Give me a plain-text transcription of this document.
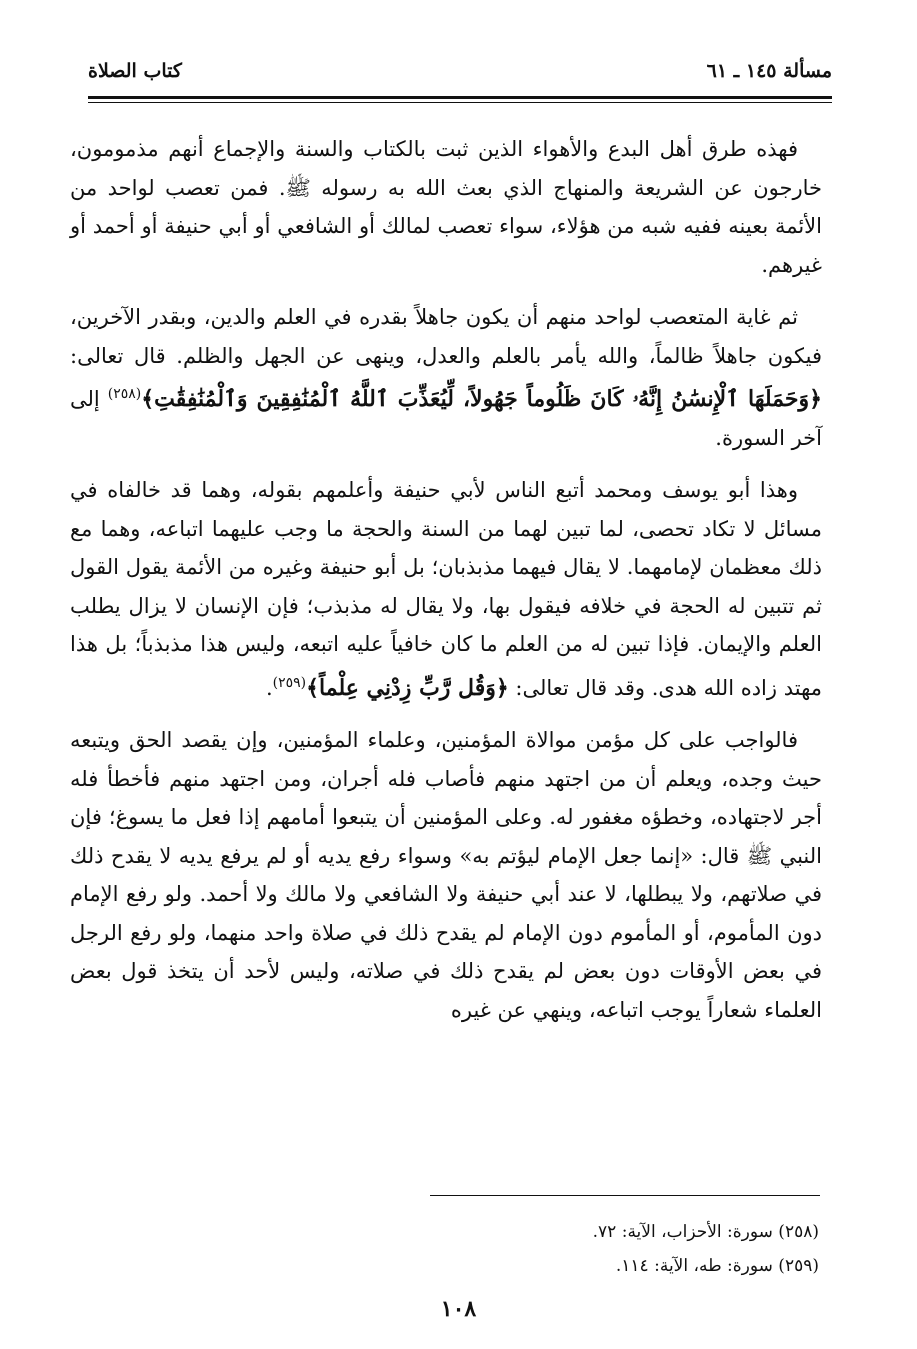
مسألة ١٤٥ ـ ٦١
كتاب الصلاة

فهذه طرق أهل البدع والأهواء الذين ثبت بالكتاب والسنة والإجماع أنهم مذمومون، خارجون عن الشريعة والمنهاج الذي بعث الله به رسوله ﷺ. فمن تعصب لواحد من الأئمة بعينه ففيه شبه من هؤلاء، سواء تعصب لمالك أو الشافعي أو أبي حنيفة أو أحمد أو غيرهم.

ثم غاية المتعصب لواحد منهم أن يكون جاهلاً بقدره في العلم والدين، وبقدر الآخرين، فيكون جاهلاً ظالماً، والله يأمر بالعلم والعدل، وينهى عن الجهل والظلم. قال تعالى: ﴿وَحَمَلَهَا ٱلْإِنسَٰنُ إِنَّهُۥ كَانَ ظَلُوماً جَهُولاً، لِّيُعَذِّبَ ٱللَّهُ ٱلْمُنَٰفِقِينَ وَٱلْمُنَٰفِقَٰتِ﴾$^{(٢٥٨)}$ إلى آخر السورة.

وهذا أبو يوسف ومحمد أتبع الناس لأبي حنيفة وأعلمهم بقوله، وهما قد خالفاه في مسائل لا تكاد تحصى، لما تبين لهما من السنة والحجة ما وجب عليهما اتباعه، وهما مع ذلك معظمان لإمامهما. لا يقال فيهما مذبذبان؛ بل أبو حنيفة وغيره من الأئمة يقول القول ثم تتبين له الحجة في خلافه فيقول بها، ولا يقال له مذبذب؛ فإن الإنسان لا يزال يطلب العلم والإيمان. فإذا تبين له من العلم ما كان خافياً عليه اتبعه، وليس هذا مذبذباً؛ بل هذا مهتد زاده الله هدى. وقد قال تعالى: ﴿وَقُل رَّبِّ زِدْنِي عِلْماً﴾$^{(٢٥٩)}$.

فالواجب على كل مؤمن موالاة المؤمنين، وعلماء المؤمنين، وإن يقصد الحق ويتبعه حيث وجده، ويعلم أن من اجتهد منهم فأصاب فله أجران، ومن اجتهد منهم فأخطأ فله أجر لاجتهاده، وخطؤه مغفور له. وعلى المؤمنين أن يتبعوا أمامهم إذا فعل ما يسوغ؛ فإن النبي ﷺ قال: «إنما جعل الإمام ليؤتم به» وسواء رفع يديه أو لم يرفع يديه لا يقدح ذلك في صلاتهم، ولا يبطلها، لا عند أبي حنيفة ولا الشافعي ولا مالك ولا أحمد. ولو رفع الإمام دون المأموم، أو المأموم دون الإمام لم يقدح ذلك في صلاة واحد منهما، ولو رفع الرجل في بعض الأوقات دون بعض لم يقدح ذلك في صلاته، وليس لأحد أن يتخذ قول بعض العلماء شعاراً يوجب اتباعه، وينهي عن غيره

(٢٥٨) سورة: الأحزاب، الآية: ٧٢.
(٢٥٩) سورة: طه، الآية: ١١٤.
١٠٨
